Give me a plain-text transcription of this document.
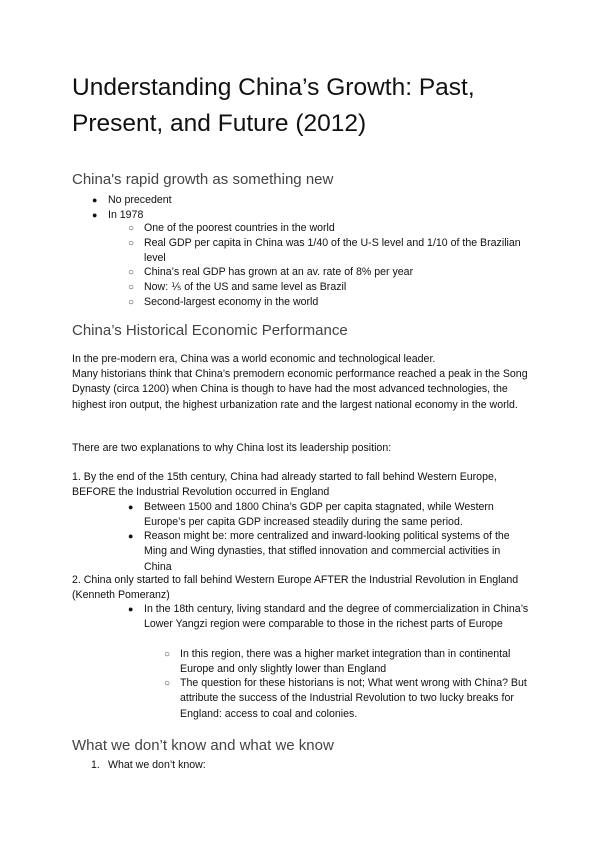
Understanding China’s Growth: Past, Present, and Future (2012)
China's rapid growth as something new
● No precedent

● In 1978

○ One of the poorest countries in the world

○ Real GDP per capita in China was 1/40 of the U-S level and 1/10 of the Brazilian level

○ China’s real GDP has grown at an av. rate of 8% per year

○ Now: ⅕ of the US and same level as Brazil

○ Second-largest economy in the world

China’s Historical Economic Performance

In the pre-modern era, China was a world economic and technological leader.

Many historians think that China’s premodern economic performance reached a peak in the Song Dynasty (circa 1200) when China is though to have had the most advanced technologies, the highest iron output, the highest urbanization rate and the largest national economy in the world.

There are two explanations to why China lost its leadership position:

1. By the end of the 15th century, China had already started to fall behind Western Europe, BEFORE the Industrial Revolution occurred in England

● Between 1500 and 1800 China’s GDP per capita stagnated, while Western Europe’s per capita GDP increased steadily during the same period.

● Reason might be: more centralized and inward-looking political systems of the Ming and Wing dynasties, that stifled innovation and commercial activities in China

2. China only started to fall behind Western Europe AFTER the Industrial Revolution in England (Kenneth Pomeranz)

● In the 18th century, living standard and the degree of commercialization in China’s Lower Yangzi region were comparable to those in the richest parts of Europe

○ In this region, there was a higher market integration than in continental Europe and only slightly lower than England

○ The question for these historians is not; What went wrong with China? But attribute the success of the Industrial Revolution to two lucky breaks for England: access to coal and colonies.

What we don’t know and what we know
1. What we don’t know:
